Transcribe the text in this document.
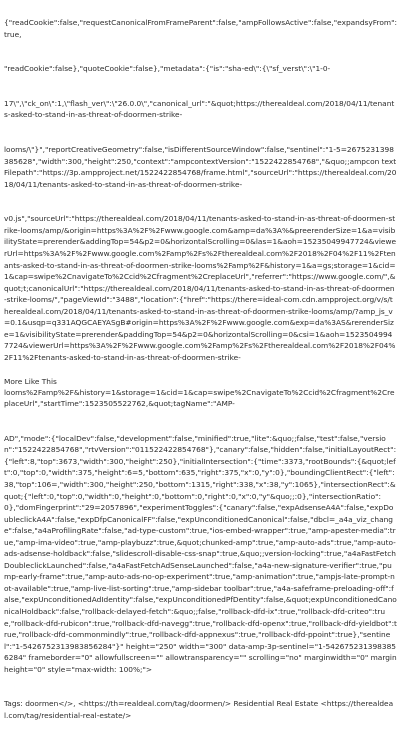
{"readCookie":false,"requestCanonicalFromFrameParent":false,"ampFollowsActive":false,"expandsyFrom":true,

"readCookie":false},"quoteCookie":false},"metadata":{"is":"sha-ed\":{\"sf_verst\":\"1-0-

17\",\"ck_on\":1,\"flash_ver\":\"26.0.0\","canonical_url":"&quot;https://therealdeal.com/2018/04/11/tenants-asked-to-stand-in-as-threat-of-doormen-strike-

looms/\"}","reportCreativeGeometry":false,"isDifferentSourceWindow":false,"sentinel":"1-5=2675231398385628","width":300,"height":250,"context":"ampcontextVersion":"1522422854768","&quo;;ampcon textFilepath":"https://3p.ampproject.net/1522422854768/frame.html","sourceUrl":"https://therealdeal.com/2018/04/11/tenants-asked-to-stand-in-as-threat-of-doormen-strike-

v0.js","sourceUrl":"https://therealdeal.com/2018/04/11/tenants-asked-to-stand-in-as-threat-of-doormen-strike-looms/amp/&origin=https%3A%2F%2Fwww.google.com&amp=da%3A%&preerenderSize=1&a=visibilityState=prerender&addingTop=54&p2=0&horizontalScrolling=0&las=1&aoh=15235049947724&viewerUrl=https%3A%2F%2Fwww.google.com%2Famp%2Fs%2Ftherealdeal.com%2F2018%2F04%2F11%2Ftenants-asked-to-stand-in-as-threat-of-doormen-strike-looms%2Famp%2F&history=1&a=gs;storage=1&cid=1&cap=swipe%2CnavigateTo%2Ccid%2Cfragment%2CreplaceUrl","referrer":"https://www.google.com/",&quot;t;canonicalUrl":"https://therealdeal.com/2018/04/11/tenants-asked-to-stand-in-as-threat-of-doormen-strike-looms/","pageViewId":"3488","location":{"href":"https://there=ideal-com.cdn.ampproject.org/v/s/therealdeal.com/2018/04/11/tenants-asked-to-stand-in-as-threat-of-doormen-strike-looms/amp/?amp_js_v=0.1&usqp=q331AQGCAEYASgB#origin=https%3A%2F%2Fwww.google.com&exp=da%3AS&rerenderSize=1&visibilityState=prerender&paddingTop=54&p2=0&horizontalScrolling=0&csi=1&aoh=15235049947724&viewerUrl=https%3A%2F%2Fwww.google.com%2Famp%2Fs%2Ftherealdeal.com%2F2018%2F04%2F11%2Ftenants-asked-to-stand-in-as-threat-of-doormen-strike-

looms%2Famp%2F&history=1&storage=1&cid=1&cap=swipe%2CnavigateTo%2Ccid%2Cfragment%2CreplaceUrl","startTime":1523505522762,&quot;tagName":"AMP-

AD","mode":{"localDev":false,"development":false,"minified":true,"lite":&quo;;false,"test":false,"version":"1522422854768","rtvVersion":"011522422854768"},"canary":false,"hidden":false,"initialLayoutRect":{"left":8,"top":3673,"width":300,"height":250},"initialIntersection":{"time":3373,"rootBounds":{&quot;left":0,"top":0,"width":375,"height":6=5,"bottom":635,"right":375,"x":0,"y":0},"boundingClientRect":{"left":38,"top":106=,"width":300,"height":250,"bottom":1315,"right":338,"x":38,"y":1065},"intersectionRect":&quot;{"left":0,"top":0,"width":0,"height":0,"bottom":0,"right":0,"x":0,"y"&quo;;:0},"intersectionRatio":0},"domFingerprint":"29=2057896","experimentToggles":{"canary":false,"expAdsenseA4A":false,"expDoubleclickA4A":false,"expDfpCanonicalFF":false,"expUnconditionedCanonical":false,"dbcl=_a4a_viz_change":false,"a4aProfilingRate":false,"ad-type-custom":true,"ios-embed-wrapper":true,"amp-apester-media":true,"amp-ima-video":true,"amp-playbuzz":true,&quot;chunked-amp":true,"amp-auto-ads":true,"amp-auto-ads-adsense-holdback":false,"slidescroll-disable-css-snap":true,&quo;;version-locking":true,"a4aFastFetchDoubleclickLaunched":false,"a4aFastFetchAdSenseLaunched":false,"a4a-new-signature-verifier":true,"pump-early-frame":true,"amp-auto-ads-no-op-experiment":true,"amp-animation":true,"ampjs-late-prompt-not-available":true,"amp-live-list-sorting":true,"amp-sidebar toolbar":true,"a4a-safeframe-preloading-off":false,"expUnconditionedAdIdentity":false,"expUnconditionedPfDentity":false,&quot;expUnconditionedCanonicalHoldback":false,"rollback-delayed-fetch":&quo;;false,"rollback-dfd-ix":true,"rollback-dfd-criteo":true,"rollback-dfd-rubicon":true,"rollback-dfd-navegg":true,"rollback-dfd-openx":true,"rollback-dfd-yieldbot":true,"rollback-dfd-commonmindly":true,"rollback-dfd-appnexus":true,"rollback-dfd-ppoint":true},"sentinel":"1-5426752313983856284"}" height="250" width="300" data-amp-3p-sentinel="1-5426752313983856284" frameborder="0" allowfullscreen="" allowtransparency="" scrolling="no" marginwidth="0" marginheight="0" style="max-width: 100%;">

Tags: doormen</>, <https://th=realdeal.com/tag/doormen/> Residential Real Estate <https://therealdeal.com/tag/residential-real-estate/>

More Like This
